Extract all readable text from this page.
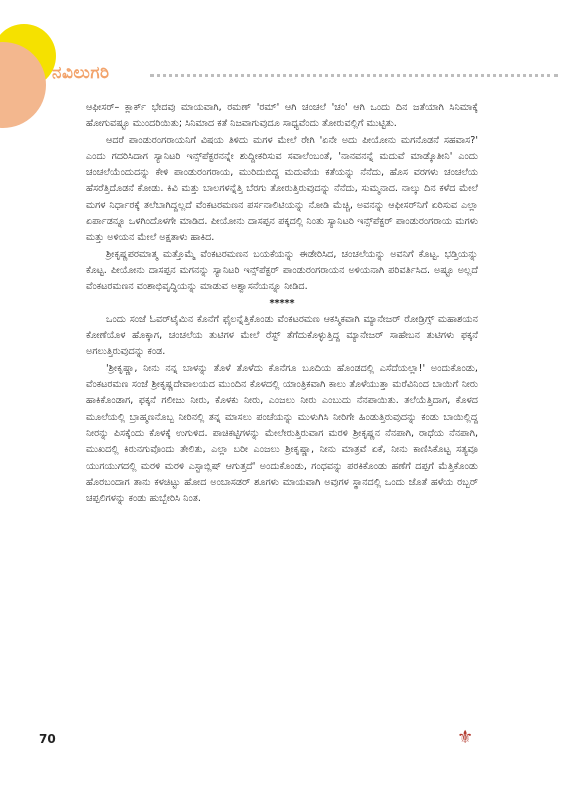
ನವಿಲುಗರಿ

ಆಫೀಸರ್– ಕ್ಲಾರ್ಕ್ ಭೇದವು ಮಾಯವಾಗಿ, ರಮಣ್ 'ರಮ್' ಆಗಿ ಚಂಚಲೆ 'ಚಂ' ಆಗಿ ಒಂದು ದಿನ ಜತೆಯಾಗಿ ಸಿನಿಮಾಕ್ಕೆ ಹೋಗುವಷ್ಟೂ ಮುಂದರಿಯಿತು; ಸಿನಿಮಾದ ಕತೆ ನಿಜವಾಗುವುದೂ ಸಾಧ್ಯವೆಂದು ತೋರುವಲ್ಲಿಗೆ ಮುಟ್ಟಿತು.

ಆದರೆ ಪಾಂಡುರಂಗರಾಯನಿಗೆ ವಿಷಯ ತಿಳಿದು ಮಗಳ ಮೇಲೆ ರೇಗಿ 'ಏನೇ ಅದು ಪೀಯೋನು ಮಗನೊಡನೆ ಸಹವಾಸ?' ಎಂದು ಗದರಿಸಿದಾಗ ಸ್ಯಾನಿಟರಿ ಇನ್ಸ್‌ಪೆಕ್ಟರನನ್ನೇ ಶುದ್ದೀಕರಿಸುವ ಸವಾಲೆಂಬಂತೆ, 'ನಾನವನನ್ನೆ ಮದುವೆ ಮಾಡ್ಕೊತೀನಿ' ಎಂದು ಚಂಚಲೆಯೆಂದುದನ್ನು ಕೇಳಿ ಪಾಂಡುರಂಗರಾಯ, ಮುರಿದುಬಿದ್ದ ಮದುವೆಯ ಕತೆಯನ್ನು ನೆನೆದು, ಹೊಸ ವರಗಳು ಚಂಚಲೆಯ ಹೆಸರೆತ್ತಿದೊಡನೆ ಕೋಡು. ಕಿವಿ ಮತ್ತು ಬಾಲಗಳನ್ನೆತ್ತಿ ಬೆರಗು ತೋರುತ್ತಿರುವುದನ್ನು ನೆನೆದು, ಸುಮ್ಮನಾದ. ನಾಲ್ಕು ದಿನ ಕಳೆದ ಮೇಲೆ ಮಗಳ ನಿರ್ಧಾರಕ್ಕೆ ತಲೆಬಾಗಿದ್ದಲ್ಲದೆ ವೆಂಕಟರಮಣನ ಪರ್ಸನಾಲಿಟಿಯನ್ನು ನೋಡಿ ಮೆಚ್ಚಿ, ಅವನನ್ನು ಆಫೀಸರ್‌ನಿಗೆ ಏರಿಸುವ ಎಲ್ಲಾ ಏರ್ಪಾಡನ್ನೂ ಒಳಗಿಂದೊಳಗೇ ಮಾಡಿದ. ಪೀಯೋನು ದಾಸಪ್ಪನ ಪಕ್ಕದಲ್ಲಿ ನಿಂತು ಸ್ಯಾನಿಟರಿ ಇನ್ಸ್‌ಪೆಕ್ಟರ್ ಪಾಂಡುರಂಗರಾಯ ಮಗಳು ಮತ್ತು ಅಳಿಯನ ಮೇಲೆ ಅಕ್ಷತಾಳು ಹಾಕಿದ.

ಶ್ರೀಕೃಷ್ಣಪರಮಾತ್ಮ ಮತ್ತೊಮ್ಮೆ ವೆಂಕಟರಮಣನ ಬಯಕೆಯನ್ನು ಈಡೇರಿಸಿದ, ಚಂಚಲೆಯನ್ನು ಅವನಿಗೆ ಕೊಟ್ಟ. ಭಡ್ತಿಯನ್ನು ಕೊಟ್ಟ. ಪೀಯೋನು ದಾಸಪ್ಪನ ಮಗನನ್ನು ಸ್ಯಾನಿಟರಿ ಇನ್ಸ್‌ಪೆಕ್ಟರ್ ಪಾಂಡುರಂಗರಾಯನ ಅಳಿಯನಾಗಿ ಪರಿವರ್ತಿಸಿದ. ಅಷ್ಟೂ ಅಲ್ಲದೆ ವೆಂಕಟರಮಣನ ವಂಶಾಭಿವೃದ್ಧಿಯನ್ನು ಮಾಡುವ ಅಶ್ವಾಸನೆಯನ್ನೂ ನೀಡಿದ.

*****

ಒಂದು ಸಂಜೆ ಓವರ್‌ಟೈಮಿನ ಕೊನೆಗೆ ಫೈಲನ್ನೆತ್ತಿಕೊಂಡು ವೆಂಕಟರಮಣ ಆಕಸ್ಮಿಕವಾಗಿ ಮ್ಯಾನೇಜರ್ ರೋಡ್ರಿಗ್ಸ್ ಮಹಾಶಯನ ಕೋಣೆಯೊಳ ಹೊಕ್ಕಾಗ, ಚಂಚಲೆಯ ತುಟಿಗಳ ಮೇಲೆ ರೆಸ್ಟ್ ತೆಗೆದುಕೊಳ್ಳುತ್ತಿದ್ದ ಮ್ಯಾನೇಜರ್ ಸಾಹೇಬನ ತುಟಿಗಳು ಫಕ್ಕನೆ ಅಗಲುತ್ತಿರುವುದನ್ನು ಕಂಡ.

'ಶ್ರೀಕೃಷ್ಣಾ, ನೀನು ನನ್ನ ಬಾಳನ್ನು ತೊಳೆ ತೊಳೆದು ಕೊನೆಗೂ ಬೂದಿಯ ಹೊಂಡದಲ್ಲಿ ಎಸೆದೆಯಲ್ಲಾ!' ಅಂದುಕೊಂಡು, ವೆಂಕಟರಮಣ ಸಂಜೆ ಶ್ರೀಕೃಷ್ಣದೇವಾಲಯದ ಮುಂದಿನ ಕೊಳದಲ್ಲಿ ಯಾಂತ್ರಿಕವಾಗಿ ಕಾಲು ತೊಳೆಯುತ್ತಾ ಮರೆವಿನಿಂದ ಬಾಯಿಗೆ ನೀರು ಹಾಕಿಕೊಂಡಾಗ, ಫಕ್ಕನೆ ಗಲೀಜು ನೀರು, ಕೊಳಕು ನೀರು, ಎಂಜಲು ನೀರು ಎಂಬುದು ನೆನಪಾಯಿತು. ತಲೆಯೆತ್ತಿದಾಗ, ಕೊಳದ ಮೂಲೆಯಲ್ಲಿ ಬ್ರಾಹ್ಮಣನೊಬ್ಬ ನೀರಿನಲ್ಲಿ ತನ್ನ ಮಾಸಲು ಪಂಚೆಯನ್ನು ಮುಳುಗಿಸಿ ನೀರಿಗೇ ಹಿಂಡುತ್ತಿರುವುದನ್ನು ಕಂಡು ಬಾಯಿಲ್ಲಿದ್ದ ನೀರನ್ನು ಪಿಸಕ್ಕೆಂದು ಕೊಳಕ್ಕೆ ಉಗುಳಿದ. ಪಾಚಿಕಟ್ಟಿಗಳನ್ನು ಮೇಲೇರುತ್ತಿರುವಾಗ ಮರಳಿ ಶ್ರೀಕೃಷ್ಣನ ನೆನಪಾಗಿ, ರಾಧೆಯ ನೆನಪಾಗಿ, ಮುಖದಲ್ಲಿ ಕಿರುನಗುವೊಂದು ತೇಲಿತು, ಎಲ್ಲಾ ಬರೀ ಎಂಜಲು ಶ್ರೀಕೃಷ್ಣಾ, ನೀನು ಮಾತ್ರವೆ ಏಕೆ, ನೀನು ಕಾಣಿಸಿಕೊಟ್ಟ ಸತ್ಯವೂ ಯುಗಯುಗದಲ್ಲಿ ಮರಳಿ ಮರಳಿ ಎಸ್ಟಾಬ್ಲಿಷ್ ಆಗುತ್ತದೆ' ಅಂದುಕೊಂಡು, ಗಂಧವನ್ನು ಪರಕಿಕೊಂಡು ಹಣೆಗೆ ದಪ್ಪಗೆ ಮೆತ್ತಿಕೊಂಡು ಹೊರಬಂದಾಗ ತಾನು ಕಳಚಿಟ್ಟು ಹೋದ ಅಂಬಾಸಡರ್ ಶೂಗಳು ಮಾಯವಾಗಿ ಅವುಗಳ ಸ್ಥಾನದಲ್ಲಿ ಒಂದು ಜೊತೆ ಹಳೆಯ ರಬ್ಬರ್ ಚಪ್ಪಲಿಗಳನ್ನು ಕಂಡು ಹುಬ್ಬೇರಿಸಿ ನಿಂತ.

70	⚜
